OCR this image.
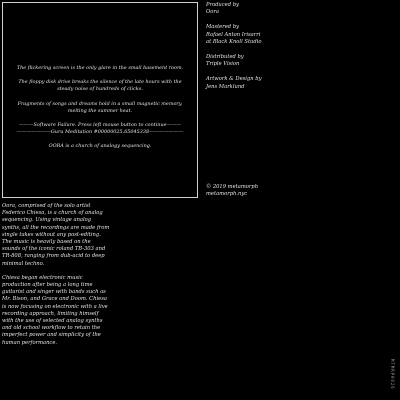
The flickering screen is the only glare in the small basement room.

The floppy disk drive breaks the silence of the late hours with the steady noise of hundreds of clicks.

Fragments of songs and dreams hold in a small magnetic memory, melting the summer heat.

———Software Failure. Press left mouse button to continue———
———————Guru Meditation #00000025.65045338———————

OORA is a church of analogy sequencing.

Produced by
Oora
Mastered by
Rafael Anton Irisarri
at Black Knoll Studio
Distributed by
Triple Vision
Artwork & Design by
Jens Marklund
© 2019 metamorph
metamorph.nyc

Oora, comprised of the solo artist Federico Chiesa, is a church of analog sequencing. Using vintage analog synths, all the recordings are made from single takes without any post-editing. The music is heavily based on the sounds of the iconic roland TB-303 and TR-808, ranging from dub-acid to deep minimal techno.

Chiesa began electronic music production after being a long time guitarist and singer with bands such as Mr. Bison, and Grace and Doom. Chiesa is now focusing on electronic with a live recording approach, limiting himself with the use of selected analog synths and old school workflow to retain the imperfect power and simplicity of the human performance.

MTMRPH026
